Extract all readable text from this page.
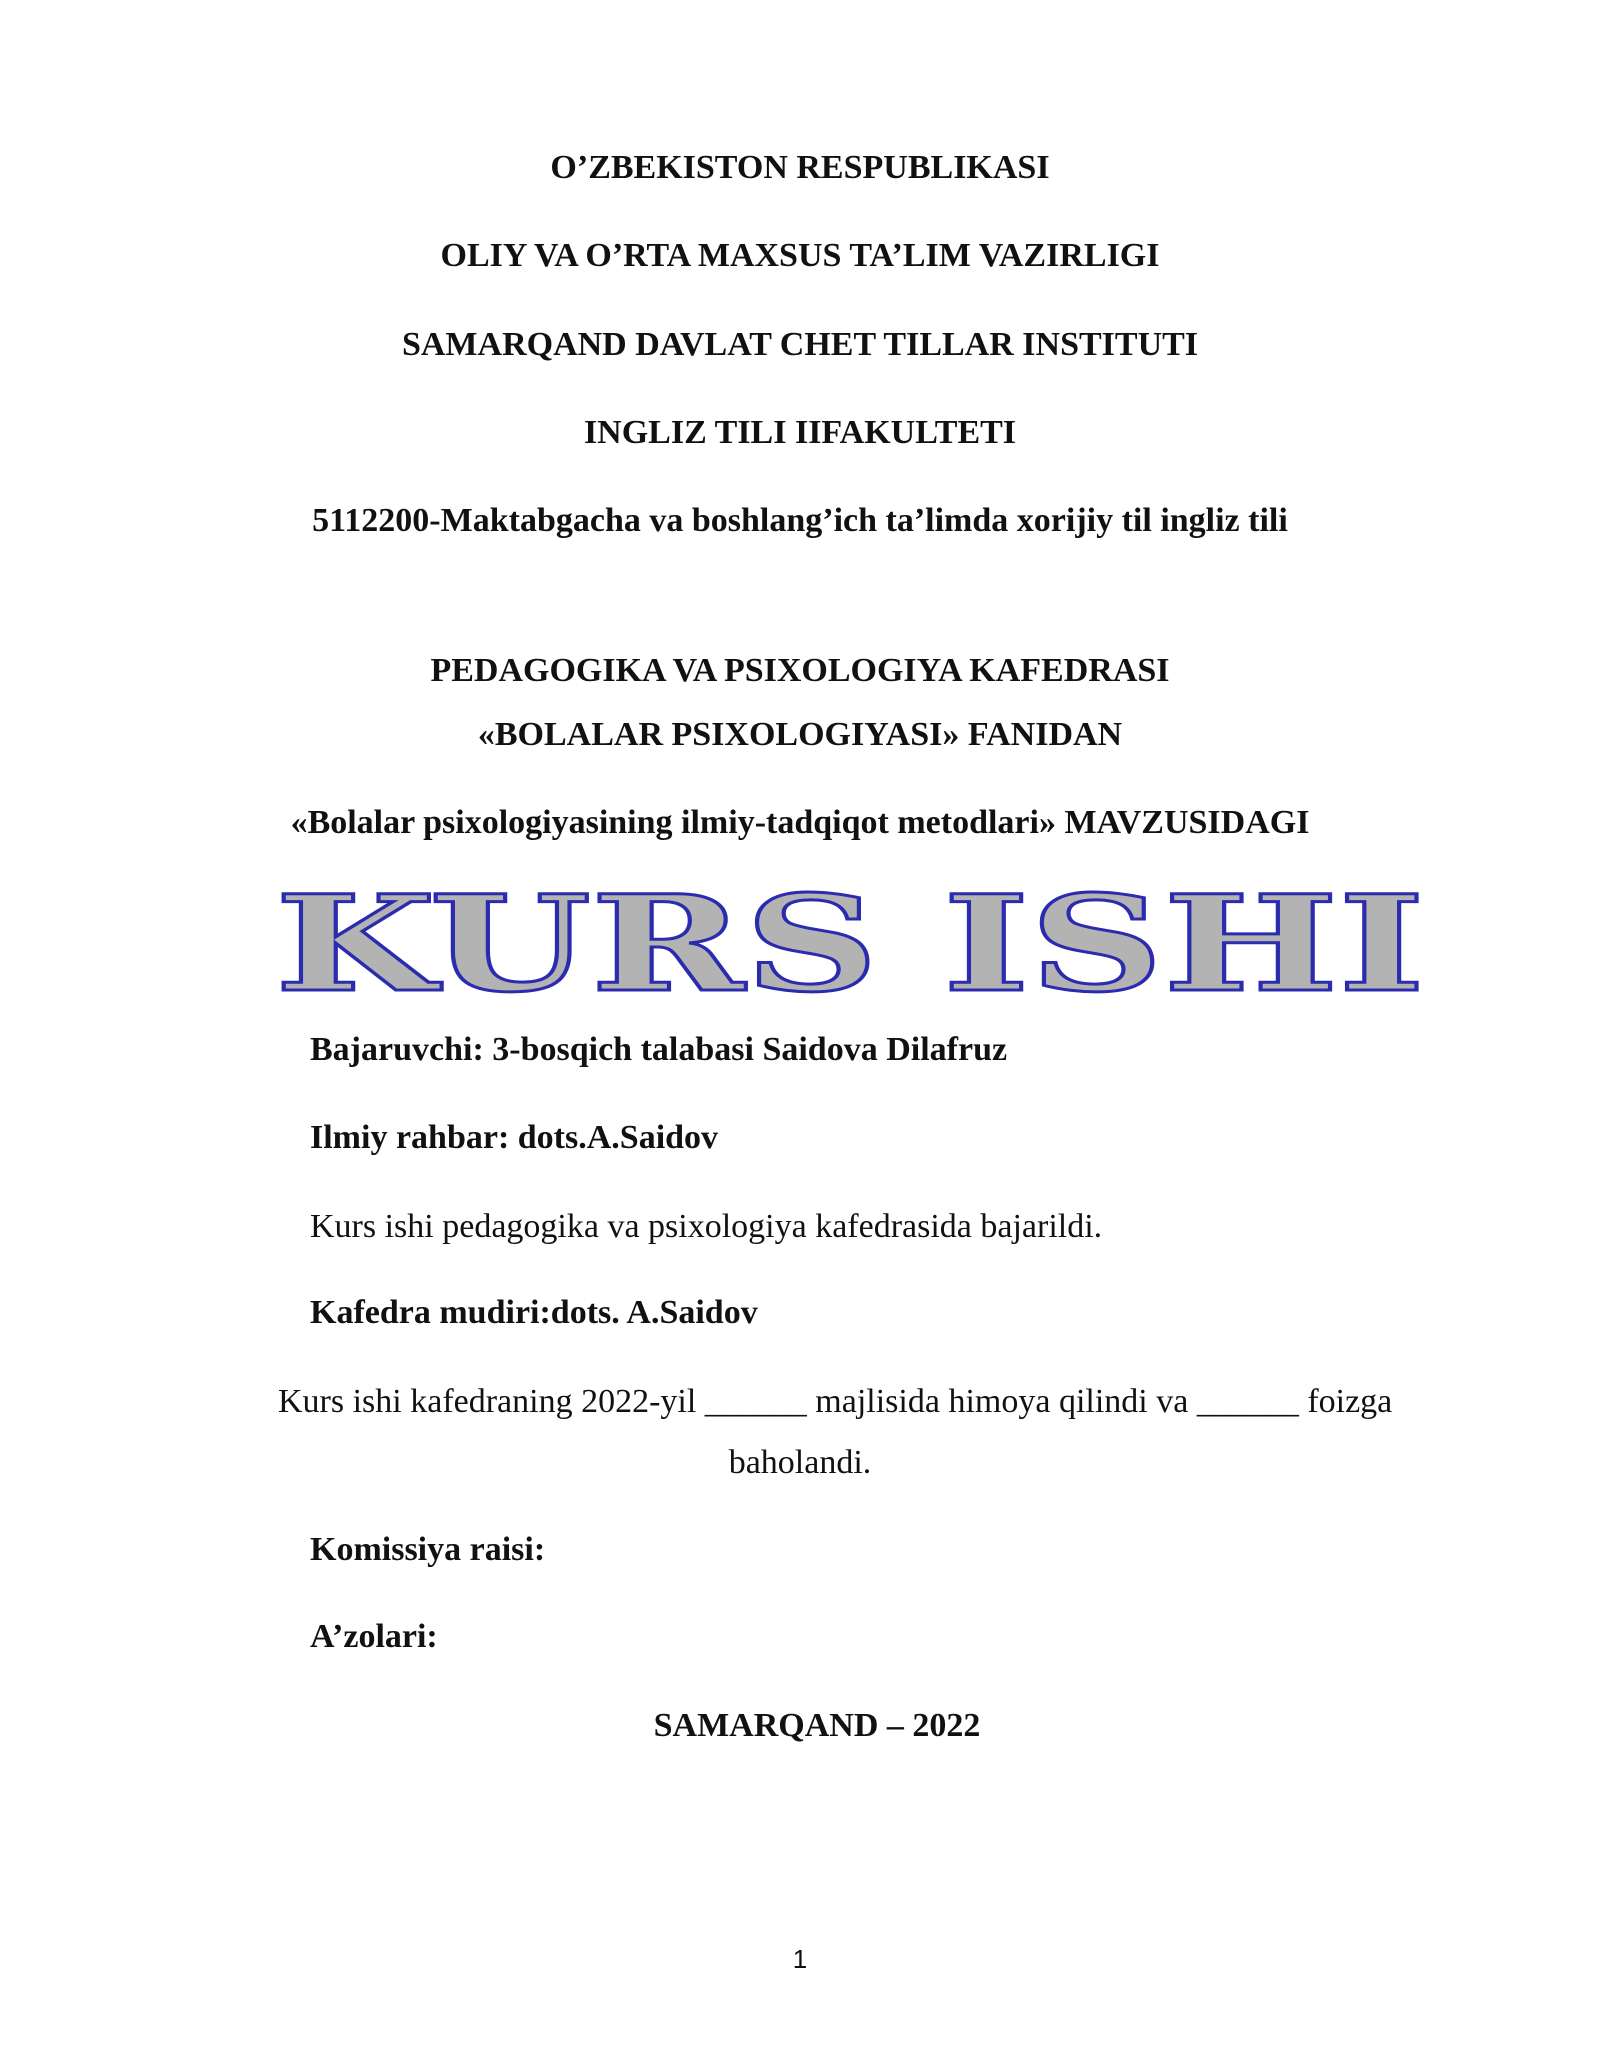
O’ZBEKISTON RESPUBLIKASI
OLIY VA O’RTA MAXSUS TA’LIM VAZIRLIGI
SAMARQAND DAVLAT CHET TILLAR INSTITUTI
INGLIZ TILI IIFAKULTETI
5112200-Maktabgacha va boshlang’ich ta’limda xorijiy til ingliz tili
PEDAGOGIKA VA PSIXOLOGIYA KAFEDRASI
«BOLALAR PSIXOLOGIYASI» FANIDAN
«Bolalar psixologiyasining ilmiy-tadqiqot metodlari» MAVZUSIDAGI
KURS ISHI
Bajaruvchi: 3-bosqich talabasi Saidova Dilafruz
Ilmiy rahbar: dots.A.Saidov
Kurs ishi pedagogika va psixologiya kafedrasida bajarildi.
Kafedra mudiri:dots. A.Saidov
Kurs ishi kafedraning 2022-yil ______ majlisida himoya qilindi va ______ foizga
baholandi.
Komissiya raisi:
A’zolari:
SAMARQAND – 2022
1
